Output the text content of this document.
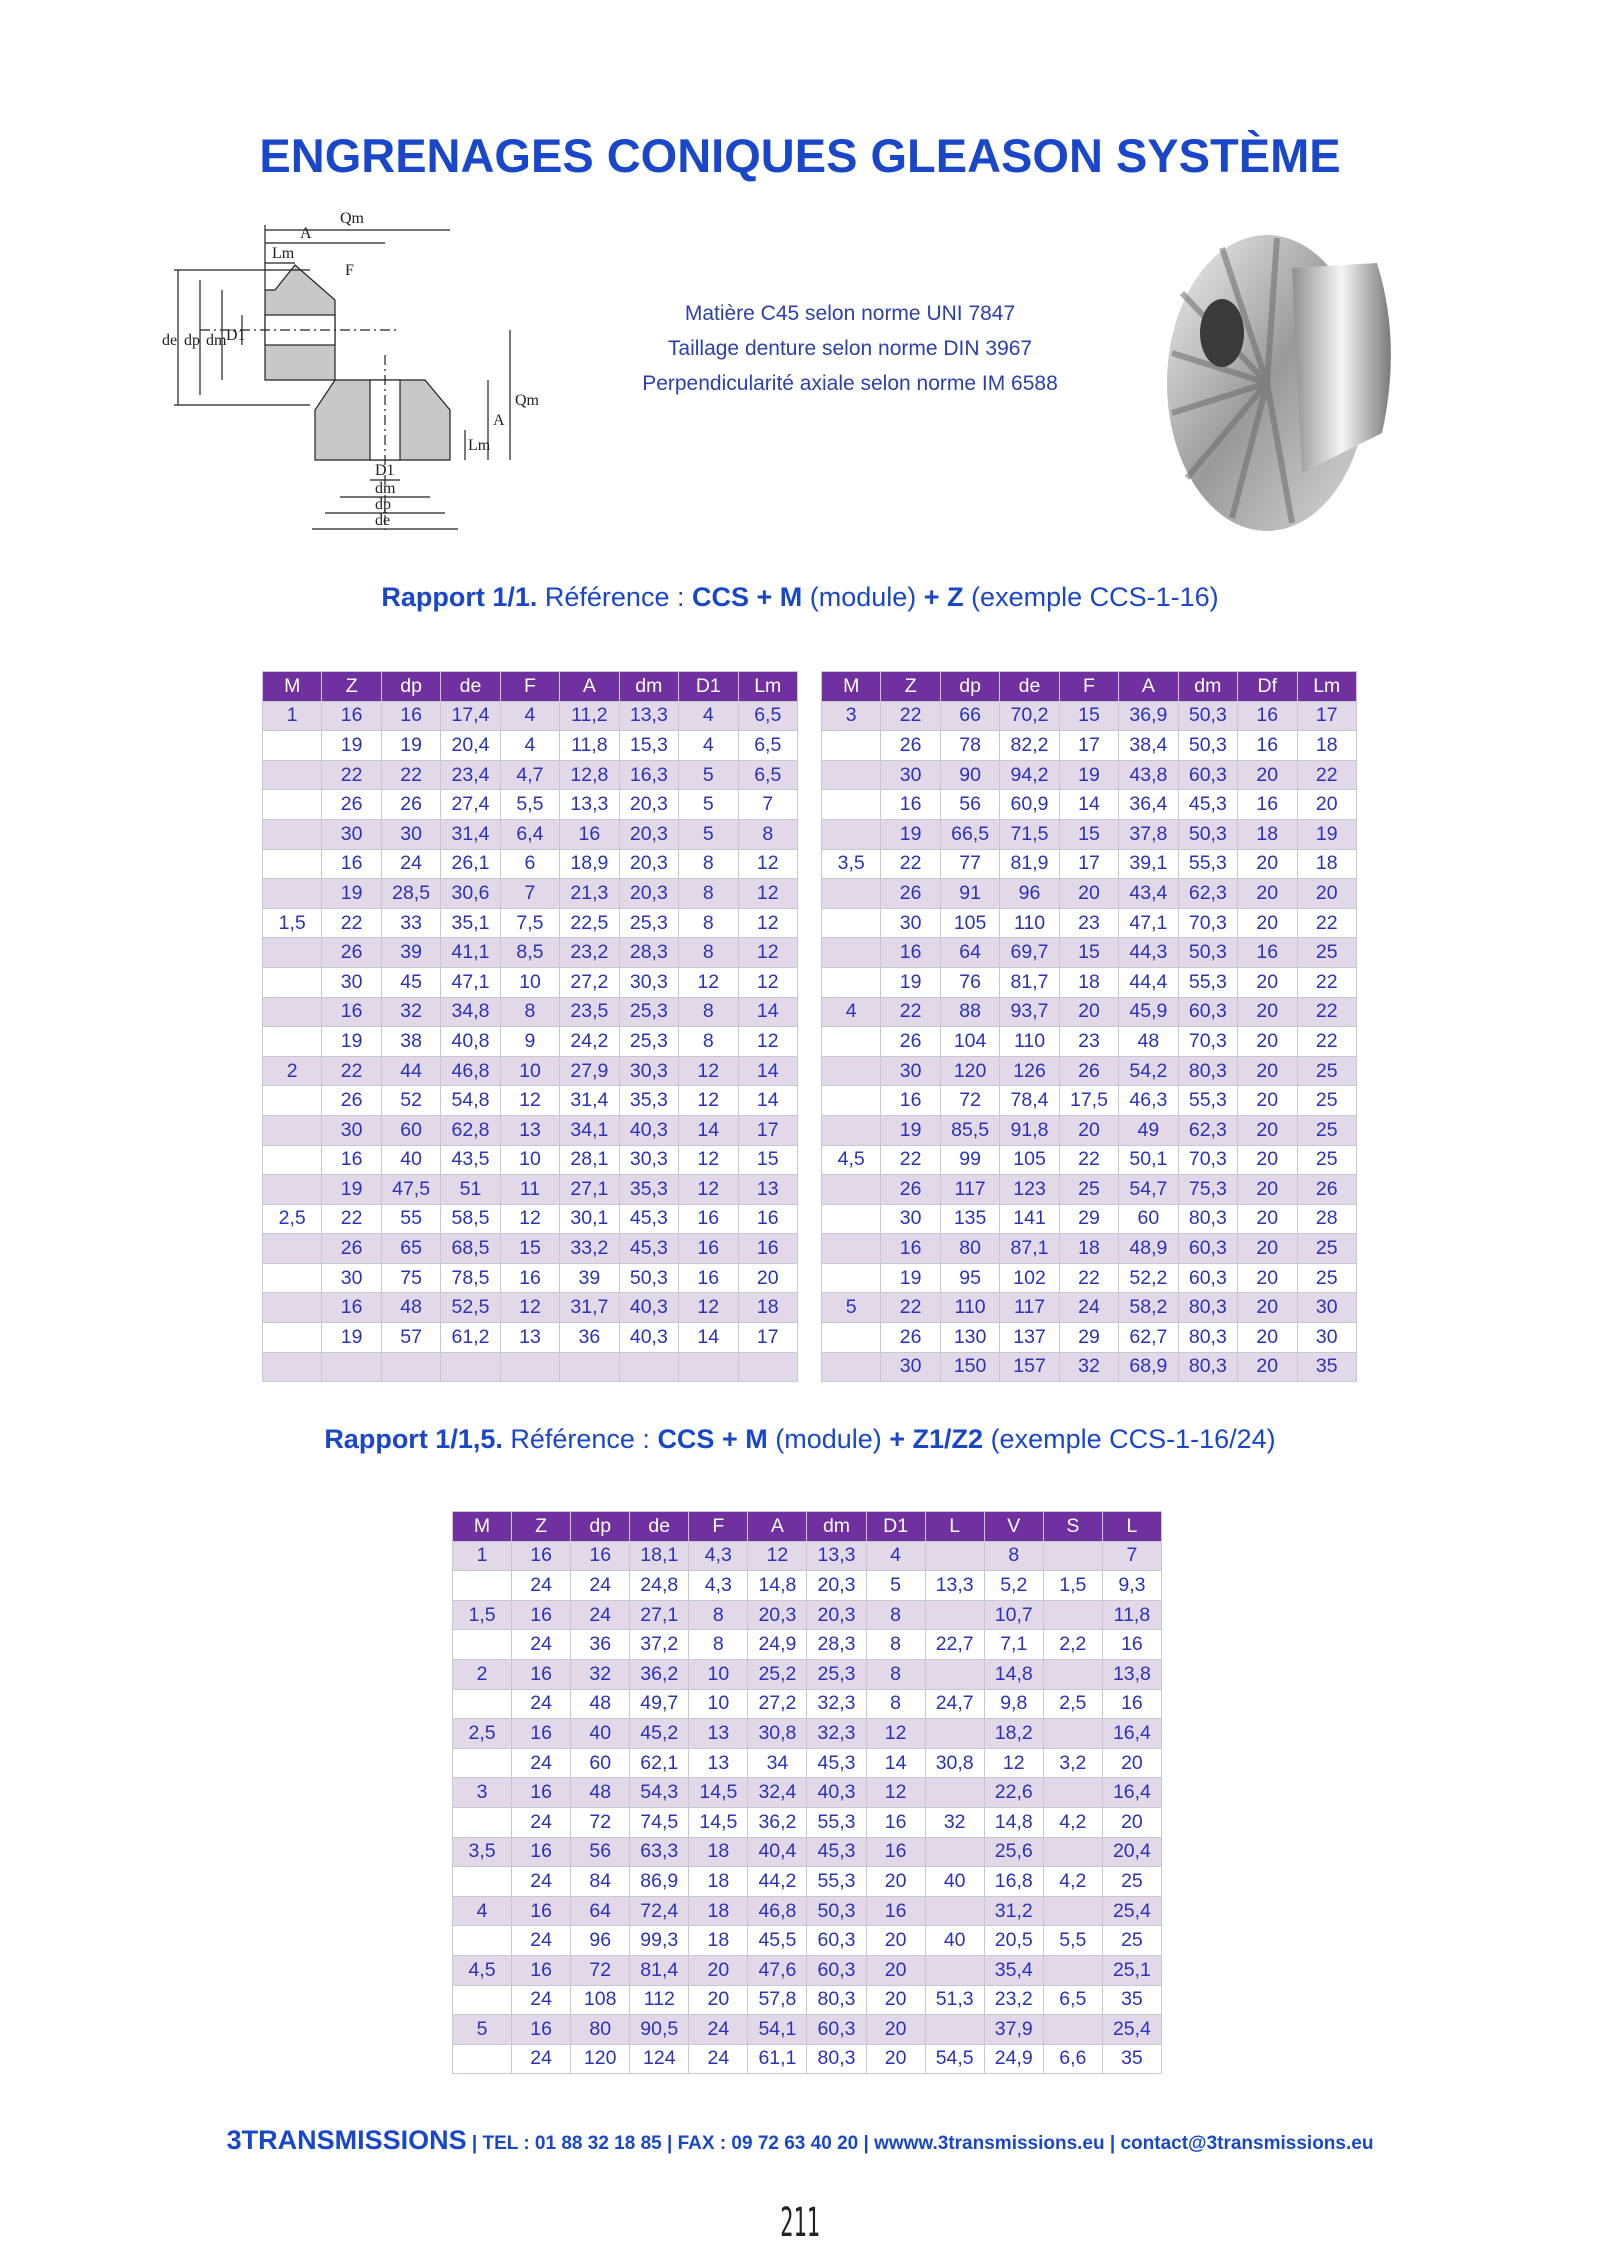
ENGRENAGES CONIQUES GLEASON SYSTÈME
Qm
A
Lm
F
de dp dm D1
D1
dm
dp
de
Qm
A
Lm
Matière C45 selon norme UNI 7847
Taillage denture selon norme DIN 3967
Perpendicularité axiale selon norme IM 6588
Rapport 1/1. Référence : CCS + M (module) + Z (exemple CCS-1-16)
M	Z	dp	de	F	A	dm	D1	Lm
1	16	16	17,4	4	11,2	13,3	4	6,5
	19	19	20,4	4	11,8	15,3	4	6,5
	22	22	23,4	4,7	12,8	16,3	5	6,5
	26	26	27,4	5,5	13,3	20,3	5	7
	30	30	31,4	6,4	16	20,3	5	8
	16	24	26,1	6	18,9	20,3	8	12
	19	28,5	30,6	7	21,3	20,3	8	12
1,5	22	33	35,1	7,5	22,5	25,3	8	12
	26	39	41,1	8,5	23,2	28,3	8	12
	30	45	47,1	10	27,2	30,3	12	12
	16	32	34,8	8	23,5	25,3	8	14
	19	38	40,8	9	24,2	25,3	8	12
2	22	44	46,8	10	27,9	30,3	12	14
	26	52	54,8	12	31,4	35,3	12	14
	30	60	62,8	13	34,1	40,3	14	17
	16	40	43,5	10	28,1	30,3	12	15
	19	47,5	51	11	27,1	35,3	12	13
2,5	22	55	58,5	12	30,1	45,3	16	16
	26	65	68,5	15	33,2	45,3	16	16
	30	75	78,5	16	39	50,3	16	20
	16	48	52,5	12	31,7	40,3	12	18
	19	57	61,2	13	36	40,3	14	17

M	Z	dp	de	F	A	dm	Df	Lm
3	22	66	70,2	15	36,9	50,3	16	17
	26	78	82,2	17	38,4	50,3	16	18
	30	90	94,2	19	43,8	60,3	20	22
	16	56	60,9	14	36,4	45,3	16	20
	19	66,5	71,5	15	37,8	50,3	18	19
3,5	22	77	81,9	17	39,1	55,3	20	18
	26	91	96	20	43,4	62,3	20	20
	30	105	110	23	47,1	70,3	20	22
	16	64	69,7	15	44,3	50,3	16	25
	19	76	81,7	18	44,4	55,3	20	22
4	22	88	93,7	20	45,9	60,3	20	22
	26	104	110	23	48	70,3	20	22
	30	120	126	26	54,2	80,3	20	25
	16	72	78,4	17,5	46,3	55,3	20	25
	19	85,5	91,8	20	49	62,3	20	25
4,5	22	99	105	22	50,1	70,3	20	25
	26	117	123	25	54,7	75,3	20	26
	30	135	141	29	60	80,3	20	28
	16	80	87,1	18	48,9	60,3	20	25
	19	95	102	22	52,2	60,3	20	25
5	22	110	117	24	58,2	80,3	20	30
	26	130	137	29	62,7	80,3	20	30
	30	150	157	32	68,9	80,3	20	35
Rapport 1/1,5. Référence : CCS + M (module) + Z1/Z2 (exemple CCS-1-16/24)
M	Z	dp	de	F	A	dm	D1	L	V	S	L
1	16	16	18,1	4,3	12	13,3	4		8		7
	24	24	24,8	4,3	14,8	20,3	5	13,3	5,2	1,5	9,3
1,5	16	24	27,1	8	20,3	20,3	8		10,7		11,8
	24	36	37,2	8	24,9	28,3	8	22,7	7,1	2,2	16
2	16	32	36,2	10	25,2	25,3	8		14,8		13,8
	24	48	49,7	10	27,2	32,3	8	24,7	9,8	2,5	16
2,5	16	40	45,2	13	30,8	32,3	12		18,2		16,4
	24	60	62,1	13	34	45,3	14	30,8	12	3,2	20
3	16	48	54,3	14,5	32,4	40,3	12		22,6		16,4
	24	72	74,5	14,5	36,2	55,3	16	32	14,8	4,2	20
3,5	16	56	63,3	18	40,4	45,3	16		25,6		20,4
	24	84	86,9	18	44,2	55,3	20	40	16,8	4,2	25
4	16	64	72,4	18	46,8	50,3	16		31,2		25,4
	24	96	99,3	18	45,5	60,3	20	40	20,5	5,5	25
4,5	16	72	81,4	20	47,6	60,3	20		35,4		25,1
	24	108	112	20	57,8	80,3	20	51,3	23,2	6,5	35
5	16	80	90,5	24	54,1	60,3	20		37,9		25,4
	24	120	124	24	61,1	80,3	20	54,5	24,9	6,6	35
3TRANSMISSIONS | TEL : 01 88 32 18 85 | FAX : 09 72 63 40 20 | wwww.3transmissions.eu | contact@3transmissions.eu
211
